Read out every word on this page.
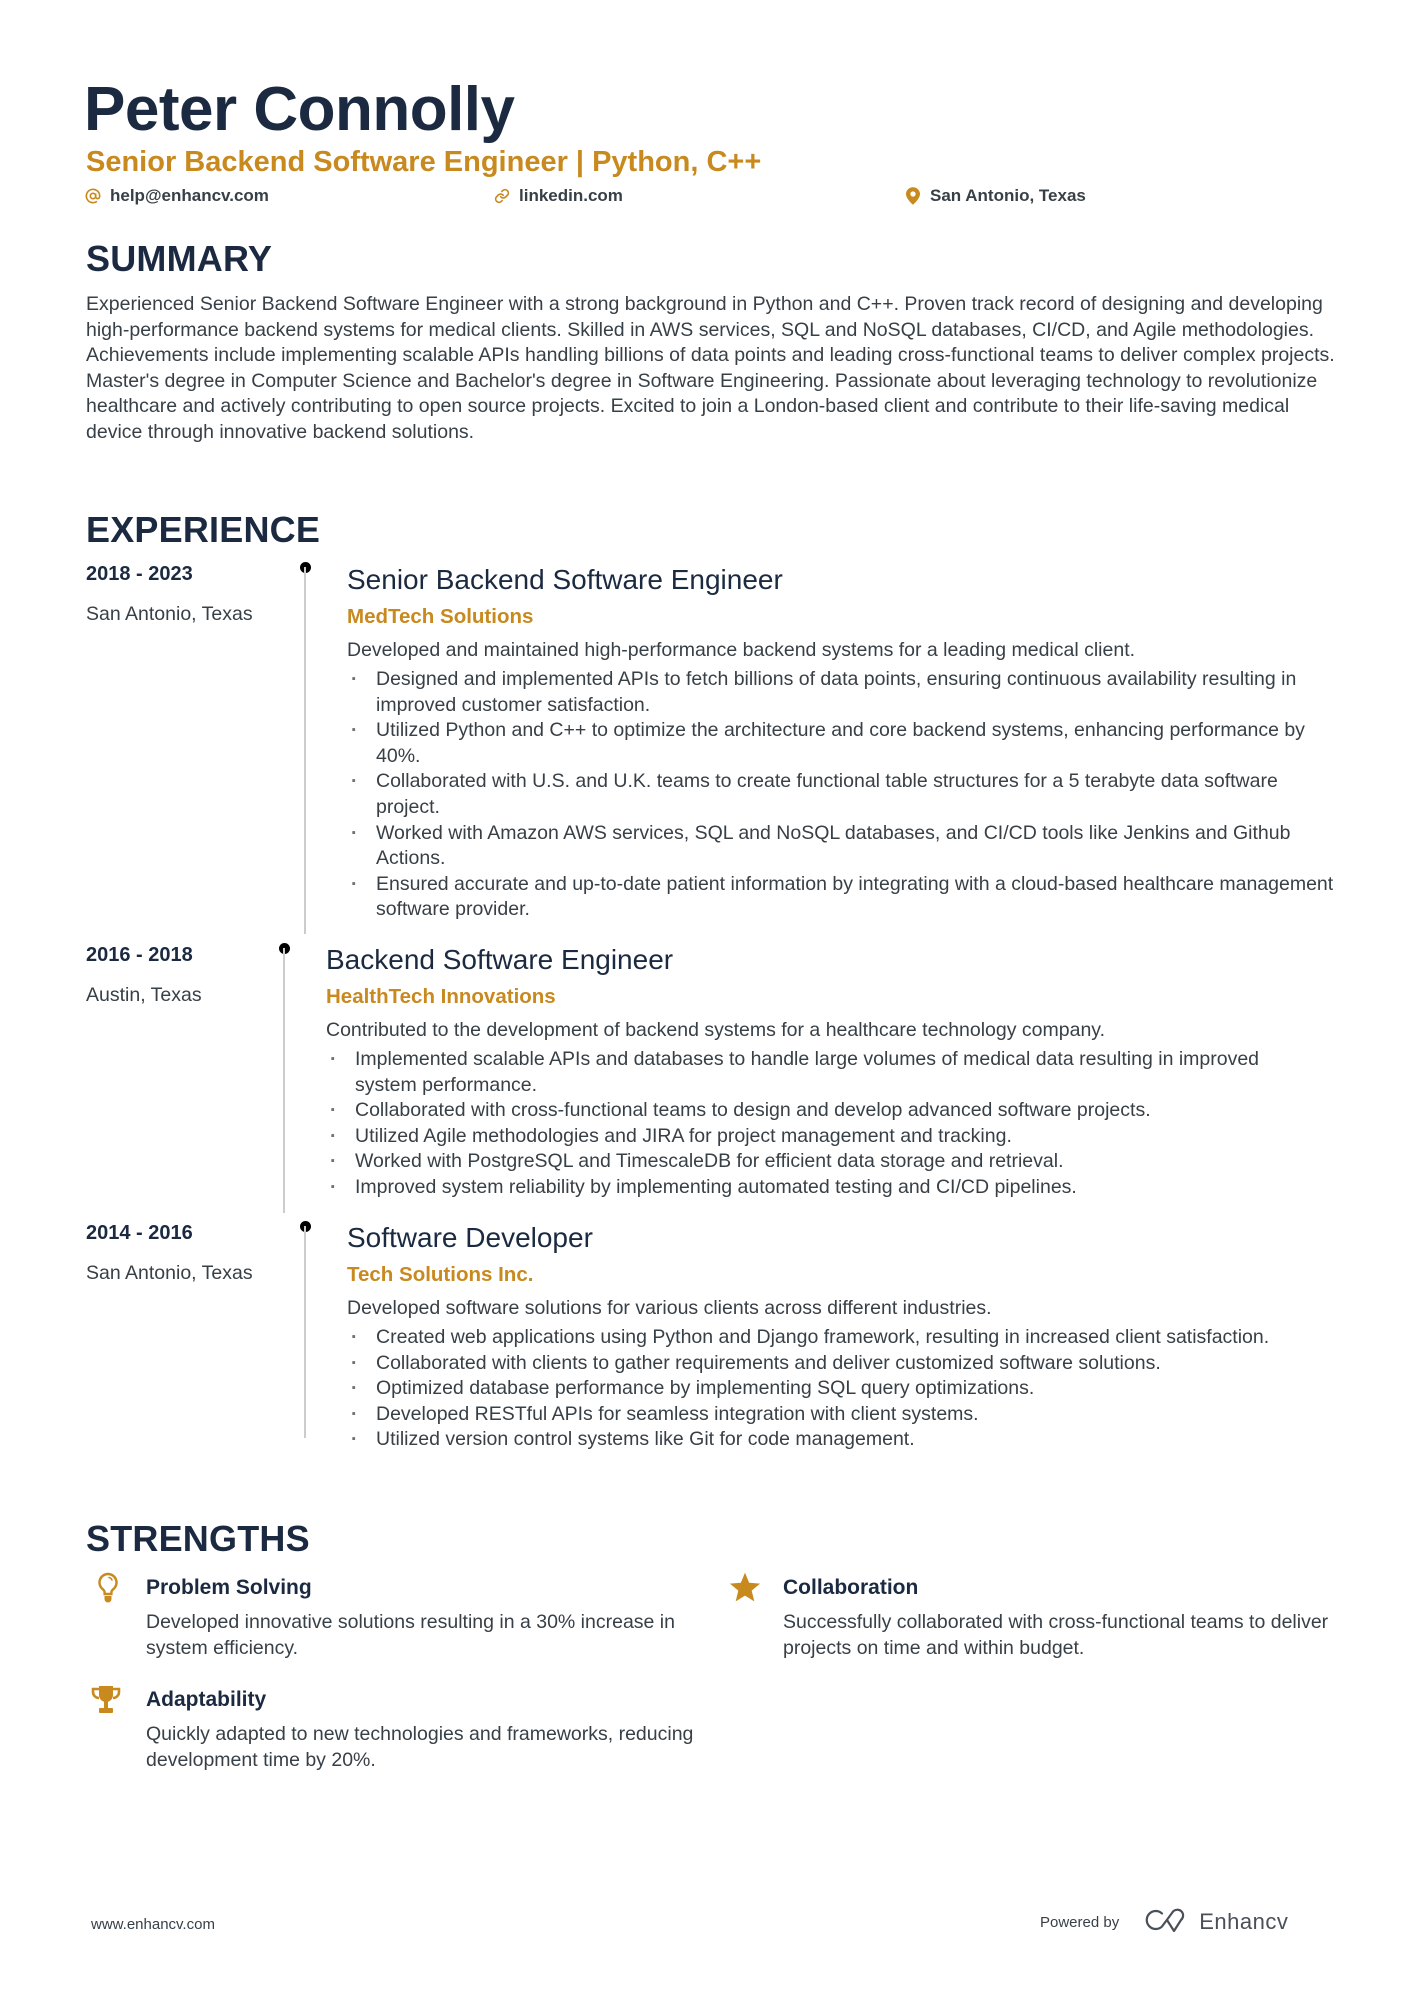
Peter Connolly
Senior Backend Software Engineer | Python, C++
help@enhancv.com	linkedin.com	San Antonio, Texas
SUMMARY
Experienced Senior Backend Software Engineer with a strong background in Python and C++. Proven track record of designing and developing high-performance backend systems for medical clients. Skilled in AWS services, SQL and NoSQL databases, CI/CD, and Agile methodologies. Achievements include implementing scalable APIs handling billions of data points and leading cross-functional teams to deliver complex projects. Master's degree in Computer Science and Bachelor's degree in Software Engineering. Passionate about leveraging technology to revolutionize healthcare and actively contributing to open source projects. Excited to join a London-based client and contribute to their life-saving medical device through innovative backend solutions.
EXPERIENCE
2018 - 2023
San Antonio, Texas
Senior Backend Software Engineer
MedTech Solutions
Developed and maintained high-performance backend systems for a leading medical client.
· Designed and implemented APIs to fetch billions of data points, ensuring continuous availability resulting in improved customer satisfaction.
· Utilized Python and C++ to optimize the architecture and core backend systems, enhancing performance by 40%.
· Collaborated with U.S. and U.K. teams to create functional table structures for a 5 terabyte data software project.
· Worked with Amazon AWS services, SQL and NoSQL databases, and CI/CD tools like Jenkins and Github Actions.
· Ensured accurate and up-to-date patient information by integrating with a cloud-based healthcare management software provider.
2016 - 2018
Austin, Texas
Backend Software Engineer
HealthTech Innovations
Contributed to the development of backend systems for a healthcare technology company.
· Implemented scalable APIs and databases to handle large volumes of medical data resulting in improved system performance.
· Collaborated with cross-functional teams to design and develop advanced software projects.
· Utilized Agile methodologies and JIRA for project management and tracking.
· Worked with PostgreSQL and TimescaleDB for efficient data storage and retrieval.
· Improved system reliability by implementing automated testing and CI/CD pipelines.
2014 - 2016
San Antonio, Texas
Software Developer
Tech Solutions Inc.
Developed software solutions for various clients across different industries.
· Created web applications using Python and Django framework, resulting in increased client satisfaction.
· Collaborated with clients to gather requirements and deliver customized software solutions.
· Optimized database performance by implementing SQL query optimizations.
· Developed RESTful APIs for seamless integration with client systems.
· Utilized version control systems like Git for code management.
STRENGTHS
Problem Solving
Developed innovative solutions resulting in a 30% increase in system efficiency.
Collaboration
Successfully collaborated with cross-functional teams to deliver projects on time and within budget.
Adaptability
Quickly adapted to new technologies and frameworks, reducing development time by 20%.
www.enhancv.com	Powered by	Enhancv
